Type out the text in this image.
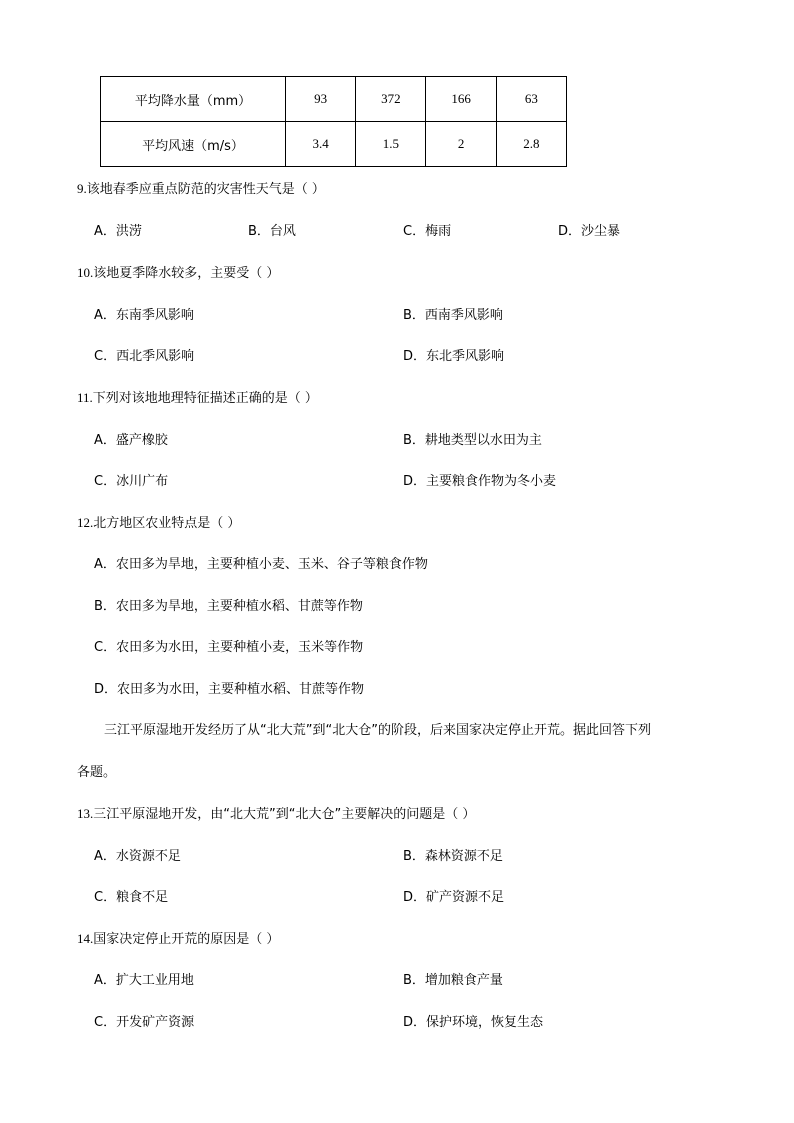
平均降水量（mm）	93	372	166	63
平均风速（m/s）	3.4	1.5	2	2.8
9.该地春季应重点防范的灾害性天气是（ ）
A．洪涝	B．台风	C．梅雨	D．沙尘暴
10.该地夏季降水较多，主要受（ ）
A．东南季风影响	B．西南季风影响
C．西北季风影响	D．东北季风影响
11.下列对该地地理特征描述正确的是（ ）
A．盛产橡胶	B．耕地类型以水田为主
C．冰川广布	D．主要粮食作物为冬小麦
12.北方地区农业特点是（ ）
A．农田多为旱地，主要种植小麦、玉米、谷子等粮食作物
B．农田多为旱地，主要种植水稻、甘蔗等作物
C．农田多为水田，主要种植小麦，玉米等作物
D．农田多为水田，主要种植水稻、甘蔗等作物
三江平原湿地开发经历了从“北大荒”到“北大仓”的阶段，后来国家决定停止开荒。据此回答下列
各题。
13.三江平原湿地开发，由“北大荒”到“北大仓”主要解决的问题是（ ）
A．水资源不足	B．森林资源不足
C．粮食不足	D．矿产资源不足
14.国家决定停止开荒的原因是（ ）
A．扩大工业用地	B．增加粮食产量
C．开发矿产资源	D．保护环境，恢复生态
